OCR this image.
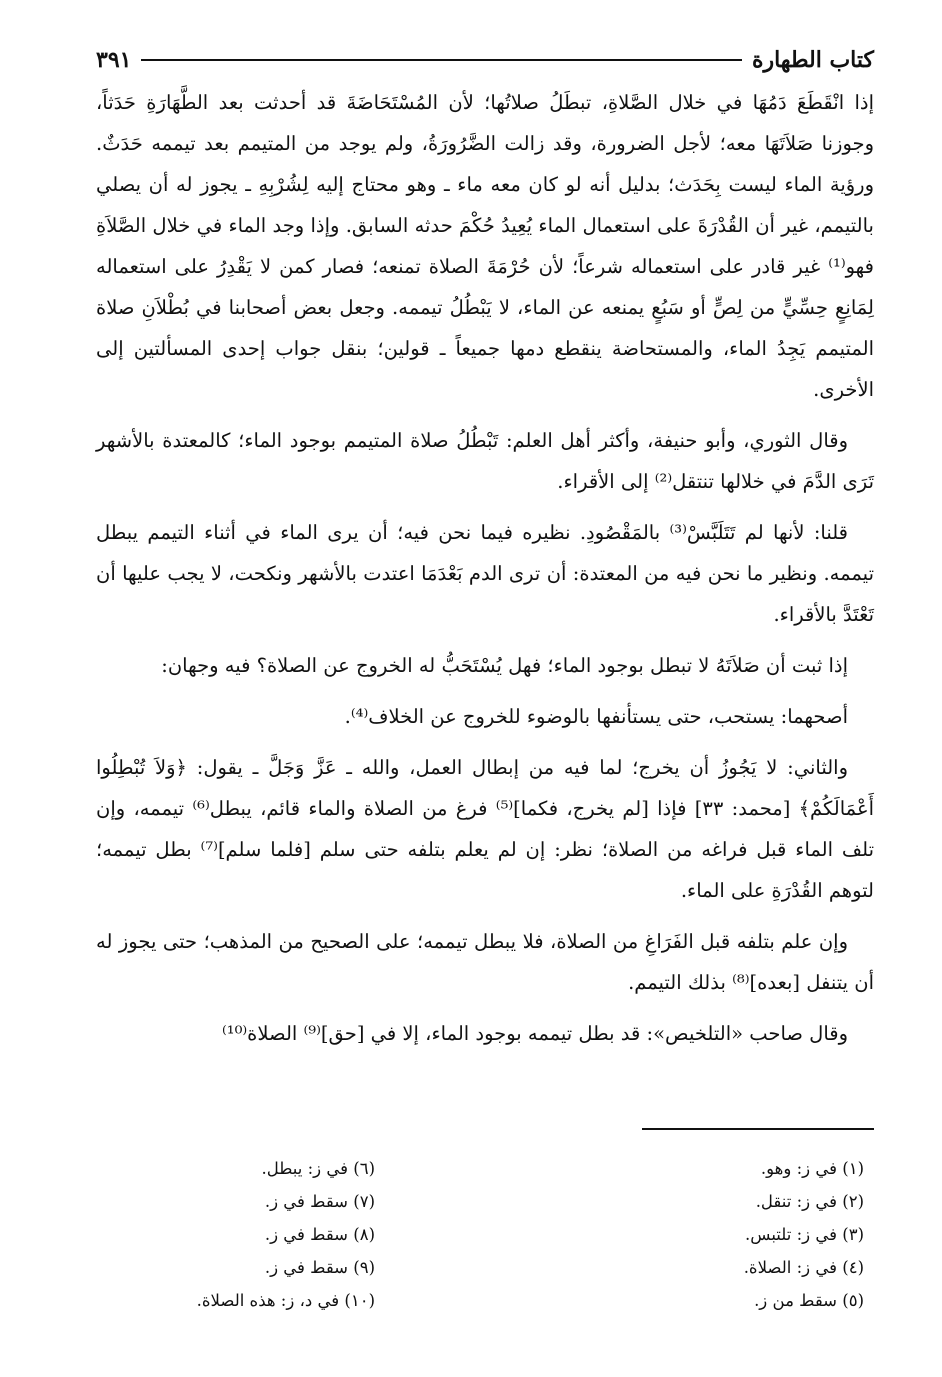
كتاب الطهارة
٣٩١

إذا انْقَطَعَ دَمُهَا في خلال الصَّلاةِ، تبطَلُ صلاتُها؛ لأن المُسْتَحَاضَةَ قد أحدثت بعد الطَّهَارَةِ حَدَثاً، وجوزنا صَلاَتَهَا معه؛ لأجل الضرورة، وقد زالت الضَّرُورَةُ، ولم يوجد من المتيمم بعد تيممه حَدَثٌ. ورؤية الماء ليست بِحَدَث؛ بدليل أنه لو كان معه ماء ـ وهو محتاج إليه لِشُرْبِهِ ـ يجوز له أن يصلي بالتيمم، غير أن القُدْرَةَ على استعمال الماء يُعِيدُ حُكْمَ حدثه السابق. وإذا وجد الماء في خلال الصَّلاَةِ فهو⁽¹⁾ غير قادر على استعماله شرعاً؛ لأن حُرْمَةَ الصلاة تمنعه؛ فصار كمن لا يَقْدِرُ على استعماله لِمَانِعٍ حِسِّيٍّ من لِصٍّ أو سَبُعٍ يمنعه عن الماء، لا يَبْطُلُ تيممه. وجعل بعض أصحابنا في بُطْلاَنِ صلاة المتيمم يَجِدُ الماء، والمستحاضة ينقطع دمها جميعاً ـ قولين؛ بنقل جواب إحدى المسألتين إلى الأخرى.

وقال الثوري، وأبو حنيفة، وأكثر أهل العلم: تَبْطُلُ صلاة المتيمم بوجود الماء؛ كالمعتدة بالأشهر تَرَى الدَّمَ في خلالها تنتقل⁽²⁾ إلى الأقراء.

قلنا: لأنها لم تَتَلَبَّسْ⁽³⁾ بالمَقْصُودِ. نظيره فيما نحن فيه؛ أن يرى الماء في أثناء التيمم يبطل تيممه. ونظير ما نحن فيه من المعتدة: أن ترى الدم بَعْدَمَا اعتدت بالأشهر ونكحت، لا يجب عليها أن تَعْتَدَّ بالأقراء.

إذا ثبت أن صَلاَتَهُ لا تبطل بوجود الماء؛ فهل يُسْتَحَبُّ له الخروج عن الصلاة؟ فيه وجهان:

أصحهما: يستحب، حتى يستأنفها بالوضوء للخروج عن الخلاف⁽⁴⁾.

والثاني: لا يَجُوزُ أن يخرج؛ لما فيه من إبطال العمل، والله ـ عَزَّ وَجَلَّ ـ يقول: ﴿وَلاَ تُبْطِلُوا أَعْمَالَكُمْ﴾ [محمد: ٣٣] فإذا [لم يخرج، فكما]⁽⁵⁾ فرغ من الصلاة والماء قائم، يبطل⁽⁶⁾ تيممه، وإن تلف الماء قبل فراغه من الصلاة؛ نظر: إن لم يعلم بتلفه حتى سلم [فلما سلم]⁽⁷⁾ بطل تيممه؛ لتوهم القُدْرَةِ على الماء.

وإن علم بتلفه قبل الفَرَاغِ من الصلاة، فلا يبطل تيممه؛ على الصحيح من المذهب؛ حتى يجوز له أن يتنفل [بعده]⁽⁸⁾ بذلك التيمم.

وقال صاحب «التلخيص»: قد بطل تيممه بوجود الماء، إلا في [حق]⁽⁹⁾ الصلاة⁽¹⁰⁾

(١) في ز: وهو.
(٢) في ز: تنقل.
(٣) في ز: تلتبس.
(٤) في ز: الصلاة.
(٥) سقط من ز.
(٦) في ز: يبطل.
(٧) سقط في ز.
(٨) سقط في ز.
(٩) سقط في ز.
(١٠) في د، ز: هذه الصلاة.
